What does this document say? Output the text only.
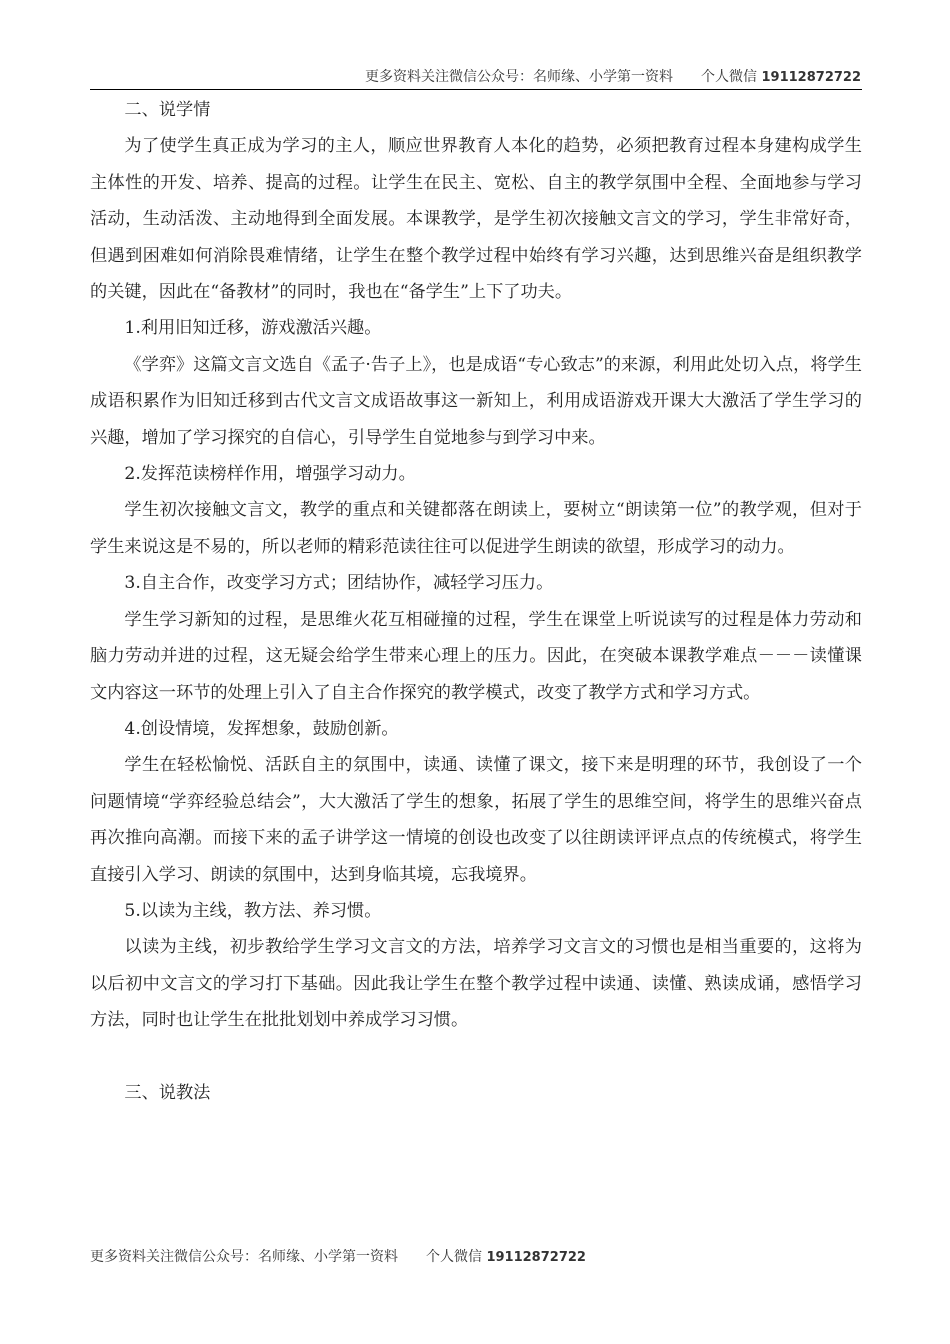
更多资料关注微信公众号：名师缘、小学第一资料　　个人微信 19112872722

二、说学情

为了使学生真正成为学习的主人，顺应世界教育人本化的趋势，必须把教育过程本身建构成学生主体性的开发、培养、提高的过程。让学生在民主、宽松、自主的教学氛围中全程、全面地参与学习活动，生动活泼、主动地得到全面发展。本课教学，是学生初次接触文言文的学习，学生非常好奇，但遇到困难如何消除畏难情绪，让学生在整个教学过程中始终有学习兴趣，达到思维兴奋是组织教学的关键，因此在“备教材”的同时，我也在“备学生”上下了功夫。

1.利用旧知迁移，游戏激活兴趣。

《学弈》这篇文言文选自《孟子·告子上》，也是成语“专心致志”的来源，利用此处切入点，将学生成语积累作为旧知迁移到古代文言文成语故事这一新知上，利用成语游戏开课大大激活了学生学习的兴趣，增加了学习探究的自信心，引导学生自觉地参与到学习中来。

2.发挥范读榜样作用，增强学习动力。

学生初次接触文言文，教学的重点和关键都落在朗读上，要树立“朗读第一位”的教学观，但对于学生来说这是不易的，所以老师的精彩范读往往可以促进学生朗读的欲望，形成学习的动力。

3.自主合作，改变学习方式；团结协作，减轻学习压力。

学生学习新知的过程，是思维火花互相碰撞的过程，学生在课堂上听说读写的过程是体力劳动和脑力劳动并进的过程，这无疑会给学生带来心理上的压力。因此，在突破本课教学难点－－－读懂课文内容这一环节的处理上引入了自主合作探究的教学模式，改变了教学方式和学习方式。

4.创设情境，发挥想象，鼓励创新。

学生在轻松愉悦、活跃自主的氛围中，读通、读懂了课文，接下来是明理的环节，我创设了一个问题情境“学弈经验总结会”，大大激活了学生的想象，拓展了学生的思维空间，将学生的思维兴奋点再次推向高潮。而接下来的孟子讲学这一情境的创设也改变了以往朗读评评点点的传统模式，将学生直接引入学习、朗读的氛围中，达到身临其境，忘我境界。

5.以读为主线，教方法、养习惯。

以读为主线，初步教给学生学习文言文的方法，培养学习文言文的习惯也是相当重要的，这将为以后初中文言文的学习打下基础。因此我让学生在整个教学过程中读通、读懂、熟读成诵，感悟学习方法，同时也让学生在批批划划中养成学习习惯。

三、说教法

更多资料关注微信公众号：名师缘、小学第一资料　　个人微信 19112872722
